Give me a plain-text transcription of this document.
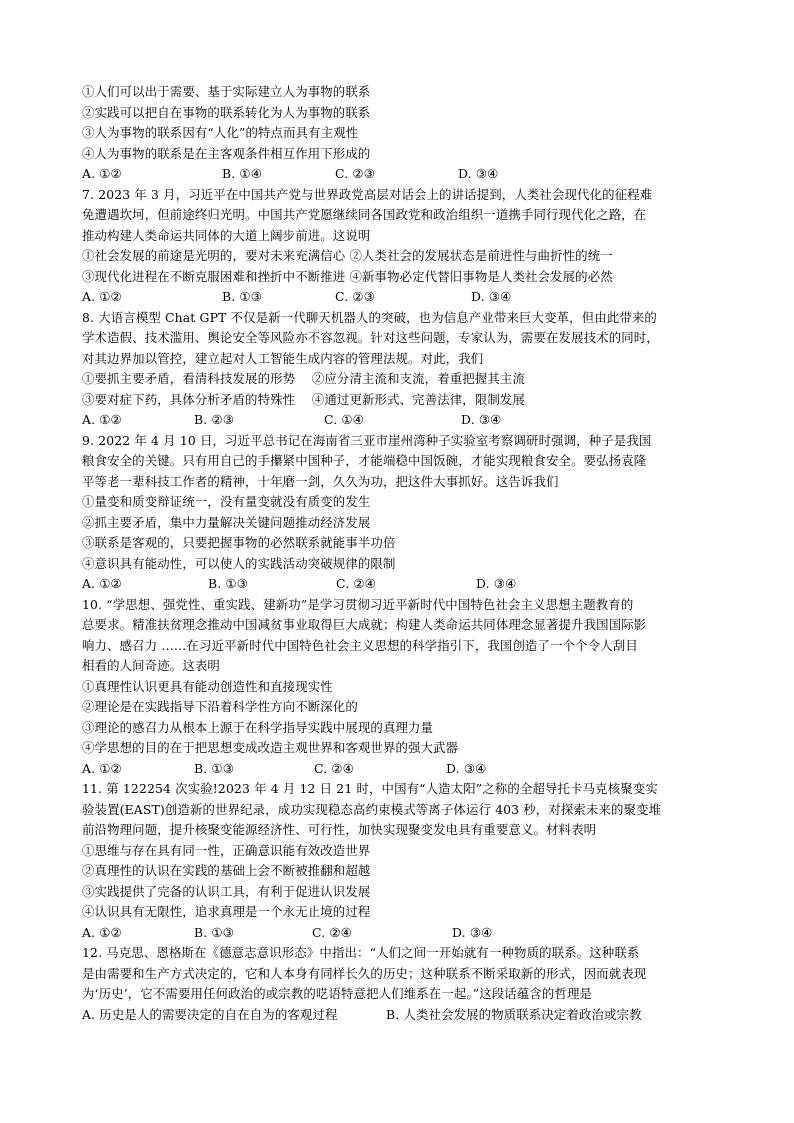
①人们可以出于需要、基于实际建立人为事物的联系
②实践可以把自在事物的联系转化为人为事物的联系
③人为事物的联系因有“人化”的特点而具有主观性
④人为事物的联系是在主客观条件相互作用下形成的
A. ①②	B. ①④	C. ②③	D. ③④
7. 2023 年 3 月，习近平在中国共产党与世界政党高层对话会上的讲话提到，人类社会现代化的征程难
免遭遇坎坷，但前途终归光明。中国共产党愿继续同各国政党和政治组织一道携手同行现代化之路，在
推动构建人类命运共同体的大道上阔步前进。这说明
①社会发展的前途是光明的，要对未来充满信心 ②人类社会的发展状态是前进性与曲折性的统一
③现代化进程在不断克服困难和挫折中不断推进 ④新事物必定代替旧事物是人类社会发展的必然
A. ①②	B. ①③	C. ②③	D. ③④
8. 大语言模型 Chat GPT 不仅是新一代聊天机器人的突破，也为信息产业带来巨大变革，但由此带来的
学术造假、技术滥用、舆论安全等风险亦不容忽视。针对这些问题，专家认为，需要在发展技术的同时，
对其边界加以管控，建立起对人工智能生成内容的管理法规。对此，我们
①要抓主要矛盾，看清科技发展的形势　 ②应分清主流和支流，着重把握其主流
③要对症下药，具体分析矛盾的特殊性　 ④通过更新形式、完善法律，限制发展
A. ①②	B. ②③	C. ①④	D. ③④
9. 2022 年 4 月 10 日，习近平总书记在海南省三亚市崖州湾种子实验室考察调研时强调，种子是我国
粮食安全的关键。只有用自己的手攥紧中国种子，才能端稳中国饭碗，才能实现粮食安全。要弘扬袁隆
平等老一辈科技工作者的精神，十年磨一剑，久久为功，把这件大事抓好。这告诉我们
①量变和质变辩证统一，没有量变就没有质变的发生
②抓主要矛盾，集中力量解决关键问题推动经济发展
③联系是客观的，只要把握事物的必然联系就能事半功倍
④意识具有能动性，可以使人的实践活动突破规律的限制
A. ①②	B. ①③	C. ②④	D. ③④
10. “学思想、强党性、重实践、建新功”是学习贯彻习近平新时代中国特色社会主义思想主题教育的
总要求。精准扶贫理念推动中国减贫事业取得巨大成就；构建人类命运共同体理念显著提升我国国际影
响力、感召力 ……在习近平新时代中国特色社会主义思想的科学指引下，我国创造了一个个令人刮目
相看的人间奇迹。这表明
①真理性认识更具有能动创造性和直接现实性
②理论是在实践指导下沿着科学性方向不断深化的
③理论的感召力从根本上源于在科学指导实践中展现的真理力量
④学思想的目的在于把思想变成改造主观世界和客观世界的强大武器
A. ①②	B. ①③	C. ②④	D. ③④
11. 第 122254 次实验!2023 年 4 月 12 日 21 时，中国有“人造太阳”之称的全超导托卡马克核聚变实
验装置(EAST)创造新的世界纪录，成功实现稳态高约束模式等离子体运行 403 秒，对探索未来的聚变堆
前沿物理问题，提升核聚变能源经济性、可行性，加快实现聚变发电具有重要意义。材料表明
①思维与存在具有同一性，正确意识能有效改造世界
②真理性的认识在实践的基础上会不断被推翻和超越
③实践提供了完备的认识工具，有利于促进认识发展
④认识具有无限性，追求真理是一个永无止境的过程
A. ①②	B. ①③	C. ②④	D. ③④
12. 马克思、恩格斯在《德意志意识形态》中指出：“人们之间一开始就有一种物质的联系。这种联系
是由需要和生产方式决定的，它和人本身有同样长久的历史；这种联系不断采取新的形式，因而就表现
为‘历史’，它不需要用任何政治的或宗教的呓语特意把人们维系在一起。”这段话蕴含的哲理是
A. 历史是人的需要决定的自在自为的客观过程	B. 人类社会发展的物质联系决定着政治或宗教
